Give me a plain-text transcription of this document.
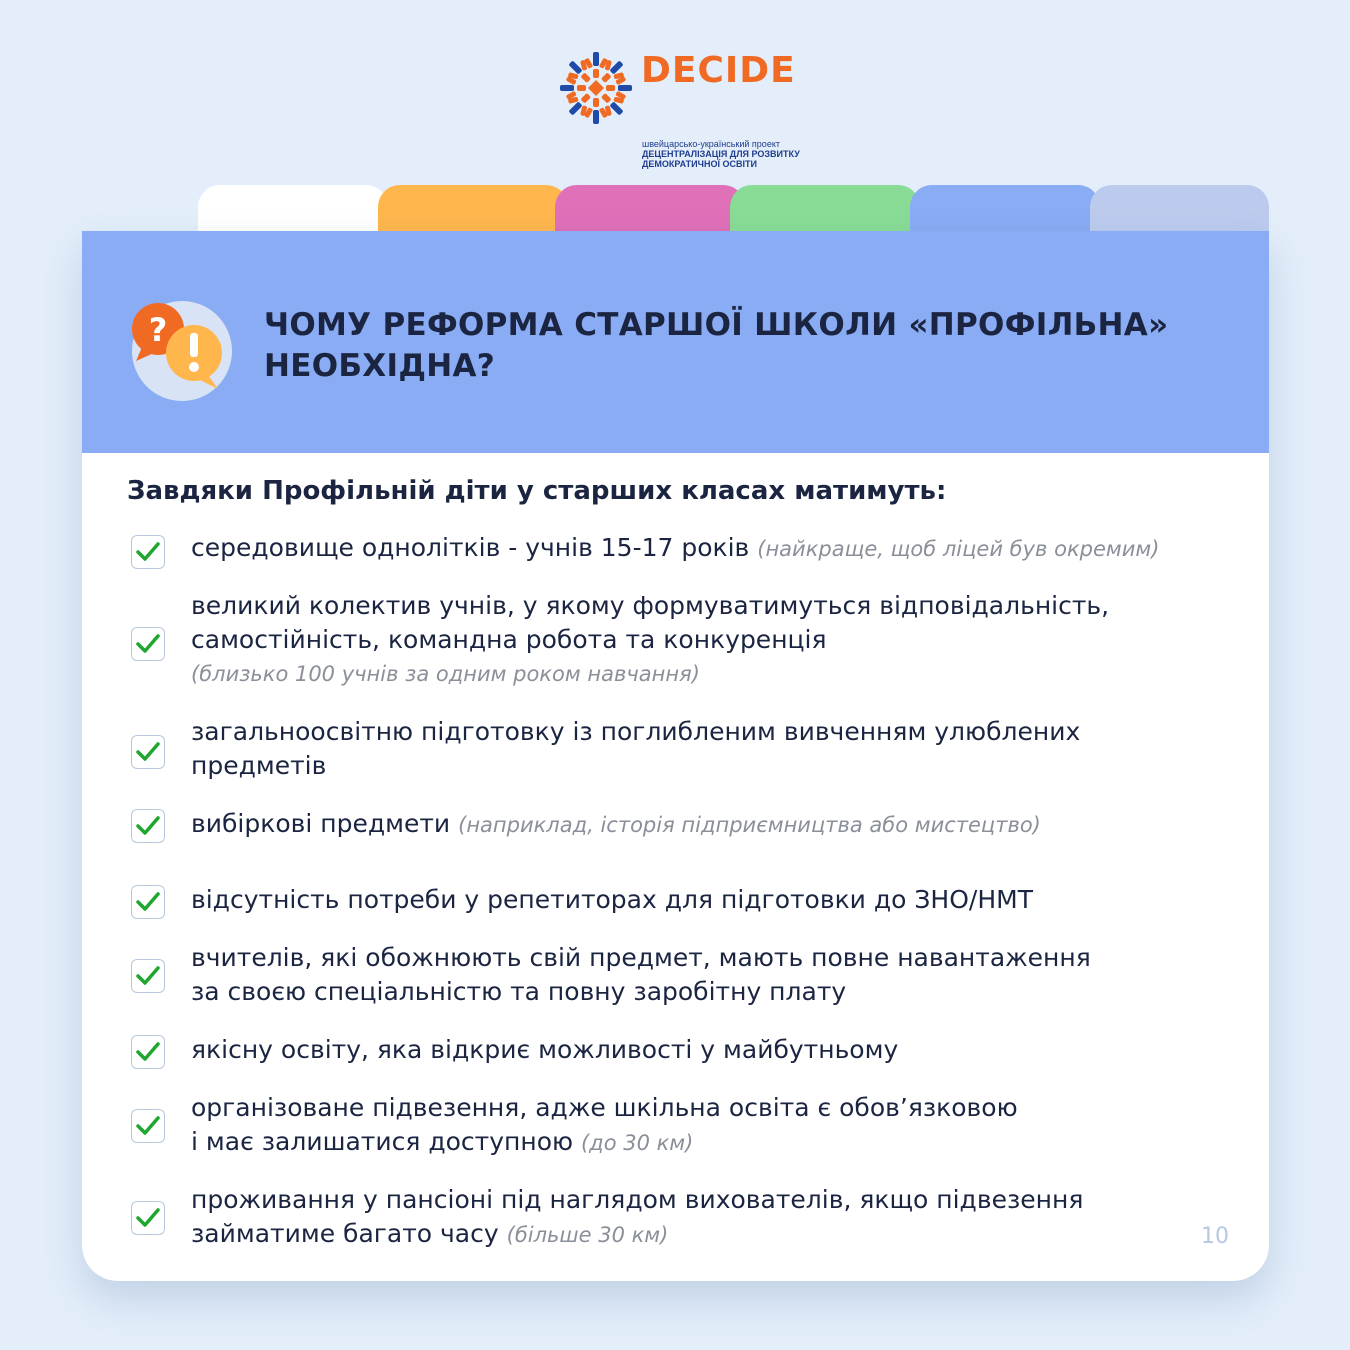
DECIDE
швейцарсько-український проект
ДЕЦЕНТРАЛІЗАЦІЯ ДЛЯ РОЗВИТКУ
ДЕМОКРАТИЧНОЇ ОСВІТИ
?	ЧОМУ РЕФОРМА СТАРШОЇ ШКОЛИ «ПРОФІЛЬНА»
НЕОБХІДНА?
Завдяки Профільній діти у старших класах матимуть:
середовище однолітків - учнів 15-17 років (найкраще, щоб ліцей був окремим)
великий колектив учнів, у якому формуватимуться відповідальність,
самостійність, командна робота та конкуренція
(близько 100 учнів за одним роком навчання)
загальноосвітню підготовку із поглибленим вивченням улюблених
предметів
вибіркові предмети (наприклад, історія підприємництва або мистецтво)
відсутність потреби у репетиторах для підготовки до ЗНО/НМТ
вчителів, які обожнюють свій предмет, мають повне навантаження
за своєю спеціальністю та повну заробітну плату
якісну освіту, яка відкриє можливості у майбутньому
організоване підвезення, адже шкільна освіта є обов’язковою
і має залишатися доступною (до 30 км)
проживання у пансіоні під наглядом вихователів, якщо підвезення
займатиме багато часу (більше 30 км)	10
